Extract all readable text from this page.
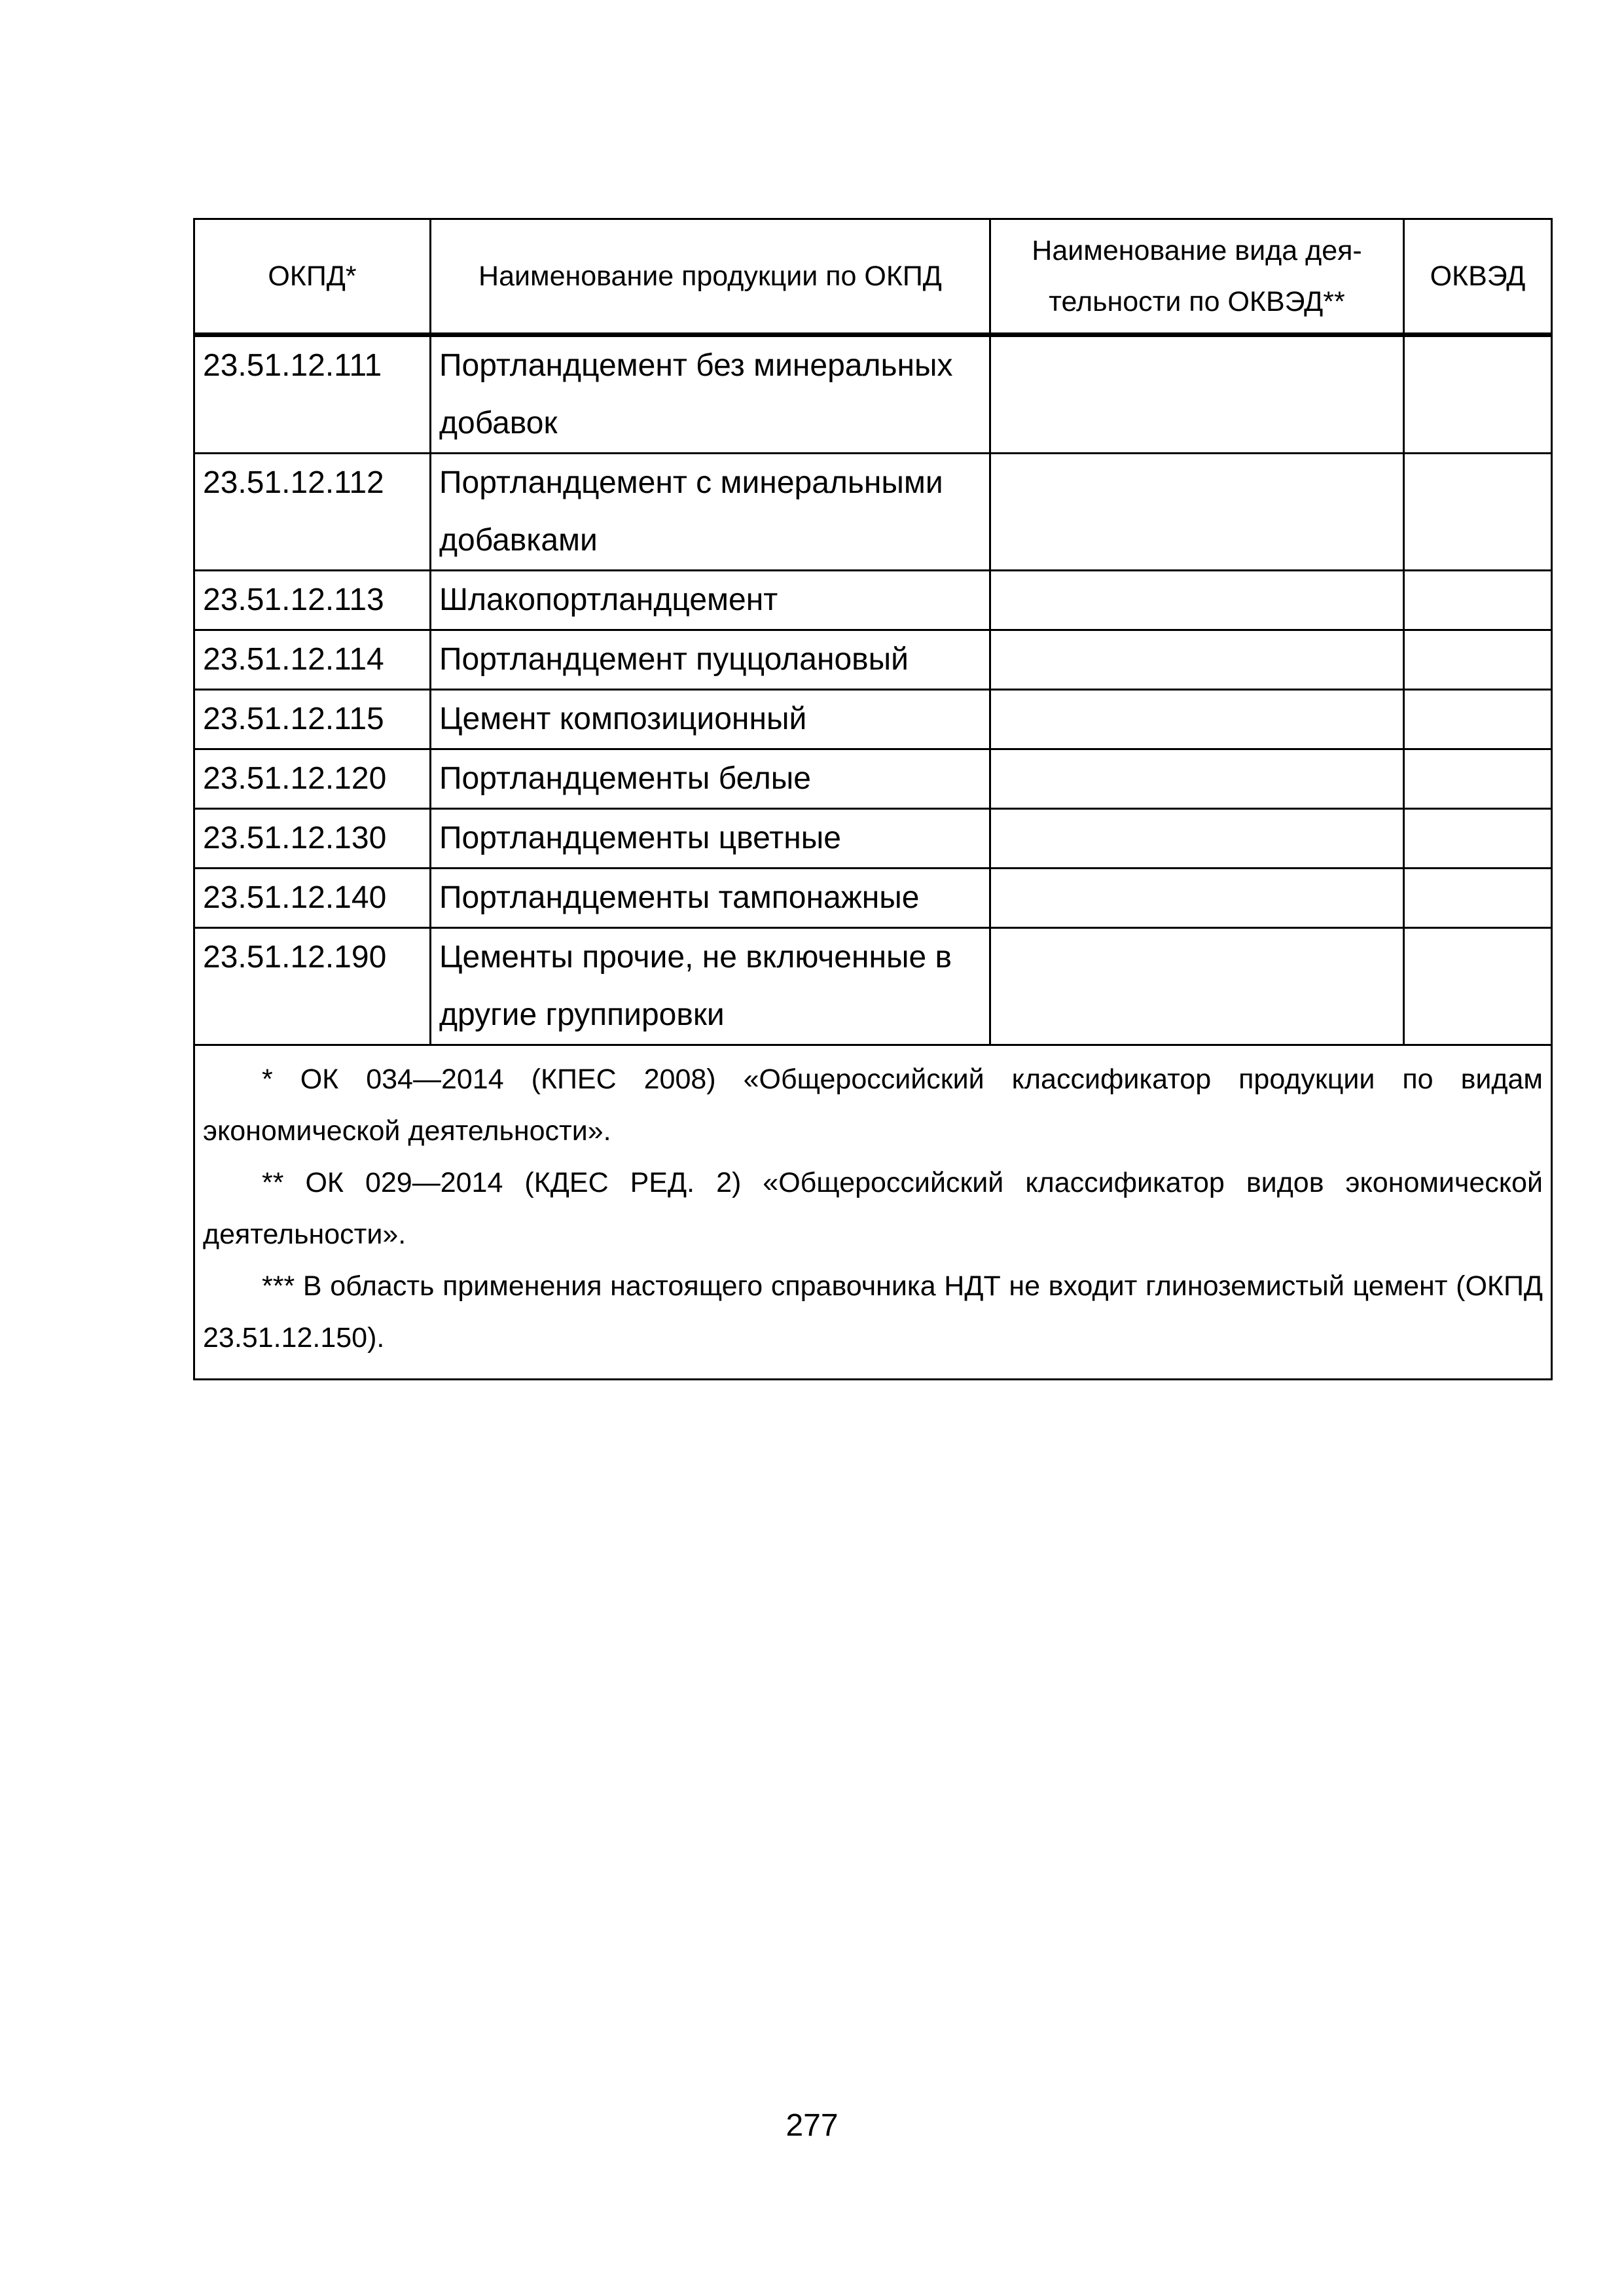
ОКПД*	Наименование продукции по ОКПД	Наименование вида дея-тельности по ОКВЭД**	ОКВЭД

23.51.12.111	Портландцемент без минеральных добавок		
23.51.12.112	Портландцемент с минеральными добавками		
23.51.12.113	Шлакопортландцемент		
23.51.12.114	Портландцемент пуццолановый		
23.51.12.115	Цемент композиционный		
23.51.12.120	Портландцементы белые		
23.51.12.130	Портландцементы цветные		
23.51.12.140	Портландцементы тампонажные		
23.51.12.190	Цементы прочие, не включенные в другие группировки		

* ОК 034—2014 (КПЕС 2008) «Общероссийский классификатор продукции по видам экономической деятельности».
** ОК 029—2014 (КДЕС РЕД. 2) «Общероссийский классификатор видов экономической деятельности».
*** В область применения настоящего справочника НДТ не входит глиноземистый цемент (ОКПД 23.51.12.150).			
277
